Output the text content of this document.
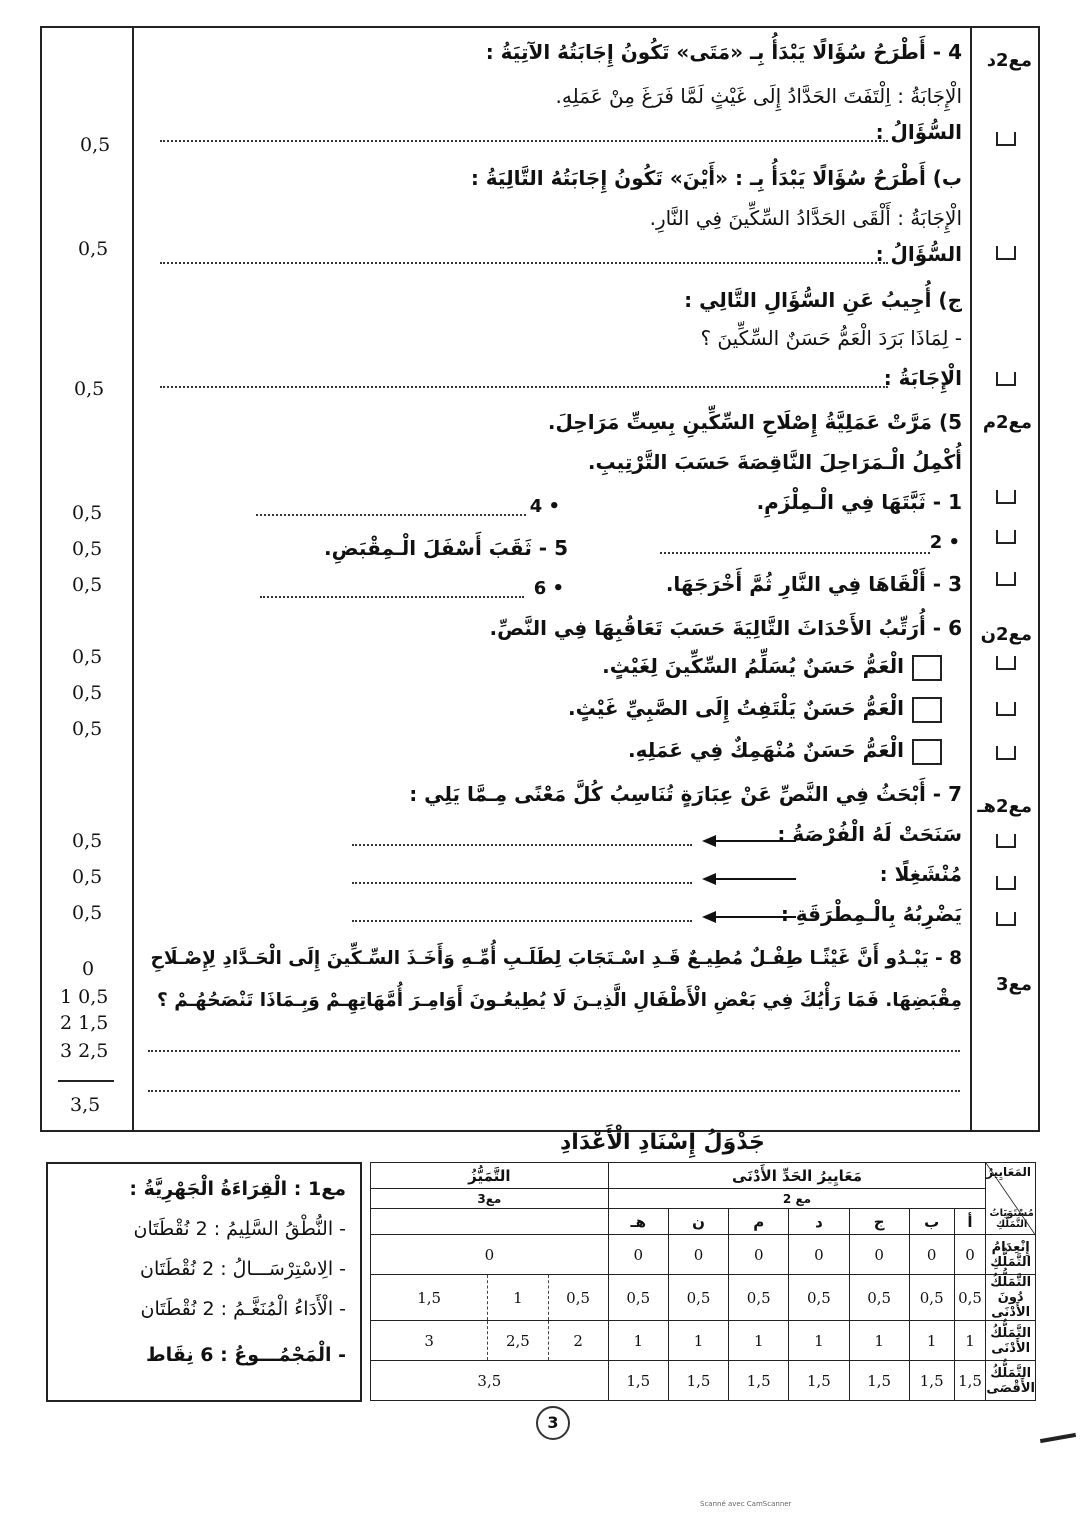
مع2د
مع2م
مع2ن
مع2هـ
مع3
4 - أَطْرَحُ سُؤَالًا يَبْدَأُ بِـ «مَتَى» تَكُونُ إِجَابَتُهُ الآتِيَةُ :
الْإِجَابَةُ : اِلْتَفَتَ الحَدَّادُ إِلَى غَيْثٍ لَمَّا فَرَغَ مِنْ عَمَلِهِ.
السُّؤَالُ :
ب) أَطْرَحُ سُؤَالًا يَبْدَأُ بِـ : «أَيْنَ» تَكُونُ إِجَابَتُهُ التَّالِيَةُ :
الْإِجَابَةُ : أَلْقَى الحَدَّادُ السِّكِّينَ فِي النَّارِ.
السُّؤَالُ :
ج) أُجِيبُ عَنِ السُّؤَالِ التَّالِي :
- لِمَاذَا بَرَدَ الْعَمُّ حَسَنٌ السِّكِّينَ ؟
الْإِجَابَةُ :
5) مَرَّتْ عَمَلِيَّةُ إِصْلَاحِ السِّكِّينِ بِسِتِّ مَرَاحِلَ.
أُكْمِلُ الْـمَرَاحِلَ النَّاقِصَةَ حَسَبَ التَّرْتِيبِ.
1 - ثَبَّتَهَا فِي الْـمِلْزَمِ.
• 4
• 2
5 - ثَقَبَ أَسْفَلَ الْـمِقْبَضِ.
3 - أَلْقَاهَا فِي النَّارِ ثُمَّ أَخْرَجَهَا.
• 6
6 - أُرَتِّبُ الأَحْدَاثَ التَّالِيَةَ حَسَبَ تَعَاقُبِهَا فِي النَّصِّ.
الْعَمُّ حَسَنٌ يُسَلِّمُ السِّكِّينَ لِغَيْثٍ.
الْعَمُّ حَسَنٌ يَلْتَفِتُ إِلَى الصَّبِيِّ غَيْثٍ.
الْعَمُّ حَسَنٌ مُنْهَمِكٌ فِي عَمَلِهِ.
7 - أَبْحَثُ فِي النَّصِّ عَنْ عِبَارَةٍ تُنَاسِبُ كُلَّ مَعْنًى مِـمَّا يَلِي :
سَنَحَتْ لَهُ الْفُرْصَةُ :
مُنْشَغِلًا :
يَضْرِبُهُ بِالْـمِطْرَقَةِ :
8 - يَبْـدُو أَنَّ غَيْثًـا طِفْـلٌ مُطِيـعٌ قَـدِ اسْـتَجَابَ لِطَلَـبِ أُمِّـهِ وَأَخَـذَ السِّـكِّينَ إِلَى الْحَـدَّادِ لِإِصْـلَاحِ
مِقْبَضِهَا. فَمَا رَأْيُكَ فِي بَعْضِ الْأَطْفَالِ الَّذِيـنَ لَا يُطِيعُـونَ أَوَامِـرَ أُمَّهَاتِهِـمْ وَبِـمَاذَا تَنْصَحُهُـمْ ؟
0,5
0,5
0,5
0,5
0,5
0,5
0,5
0,5
0,5
0,5
0,5
0,5
0
1 0,5
2 1,5
3 2,5
3,5
جَدْوَلُ إِسْنَادِ الْأَعْدَادِ
مع1 : الْقِرَاءَةُ الْجَهْرِيَّةُ :
- النُّطْقُ السَّلِيمُ : 2 نُقْطَتَان
- الِاسْتِرْسَـــالُ : 2 نُقْطَتَان
- الْأَدَاءُ الْمُنَغَّـمُ : 2 نُقْطَتَان
- الْمَجْمُـــوعُ : 6 نِقَاط
التَّمَيُّزُ			مَعَايِيرُ الحَدِّ الأَدْنَى							المَعَايِيرُ
مُسْتَوَيَاتُ التَّمَلُّكِ

مع3			مع 2							
			هـ	ن	م	د	ج	ب	أ	
0			0	0	0	0	0	0	0	إِنْعِدَامُ التَّمَلُّكِ
1,5	1	0,5	0,5	0,5	0,5	0,5	0,5	0,5	0,5	التَّمَلُّكُ دُونَ الأَدْنَى
3	2,5	2	1	1	1	1	1	1	1	التَّمَلُّكُ الأَدْنَى
3,5			1,5	1,5	1,5	1,5	1,5	1,5	1,5	التَّمَلُّكُ الأَقْصَى
3
Scanné avec CamScanner
